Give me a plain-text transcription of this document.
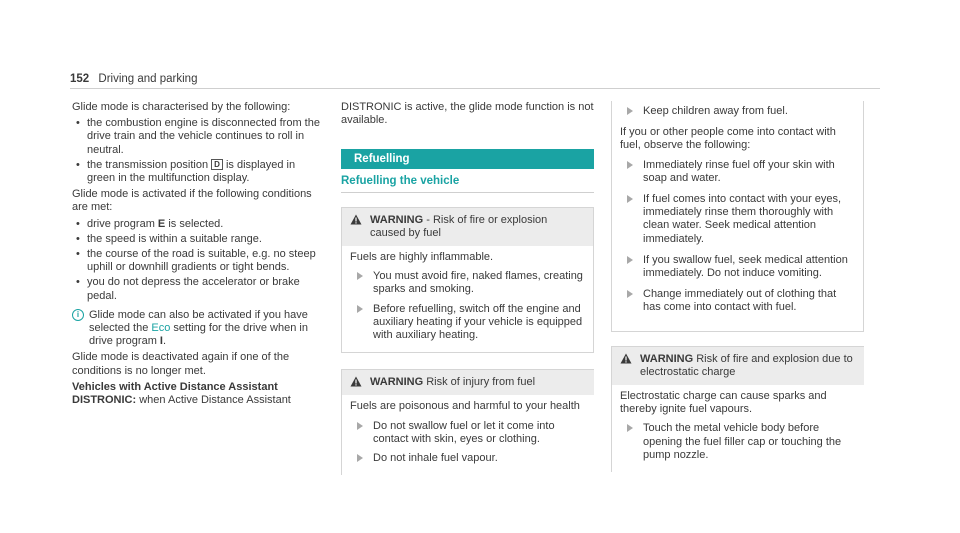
152 Driving and parking

Glide mode is characterised by the following:

• the combustion engine is disconnected from the drive train and the vehicle continues to roll in neutral.
• the transmission position D is displayed in green in the multifunction display.

Glide mode is activated if the following conditions are met:

• drive program E is selected.
• the speed is within a suitable range.
• the course of the road is suitable, e.g. no steep uphill or downhill gradients or tight bends.
• you do not depress the accelerator or brake pedal.
i Glide mode can also be activated if you have selected the Eco setting for the drive when in drive program I.

Glide mode is deactivated again if one of the conditions is no longer met.

Vehicles with Active Distance Assistant DISTRONIC: when Active Distance Assistant

DISTRONIC is active, the glide mode function is not available.

Refuelling
Refuelling the vehicle
WARNING - Risk of fire or explosion caused by fuel

Fuels are highly inflammable.

You must avoid fire, naked flames, creating sparks and smoking.
Before refuelling, switch off the engine and auxiliary heating if your vehicle is equipped with auxiliary heating.
WARNING Risk of injury from fuel

Fuels are poisonous and harmful to your health

Do not swallow fuel or let it come into contact with skin, eyes or clothing.
Do not inhale fuel vapour.
Keep children away from fuel.

If you or other people come into contact with fuel, observe the following:

Immediately rinse fuel off your skin with soap and water.
If fuel comes into contact with your eyes, immediately rinse them thoroughly with clean water. Seek medical attention immediately.
If you swallow fuel, seek medical attention immediately. Do not induce vomiting.
Change immediately out of clothing that has come into contact with fuel.
WARNING Risk of fire and explosion due to electrostatic charge

Electrostatic charge can cause sparks and thereby ignite fuel vapours.

Touch the metal vehicle body before opening the fuel filler cap or touching the pump nozzle.
